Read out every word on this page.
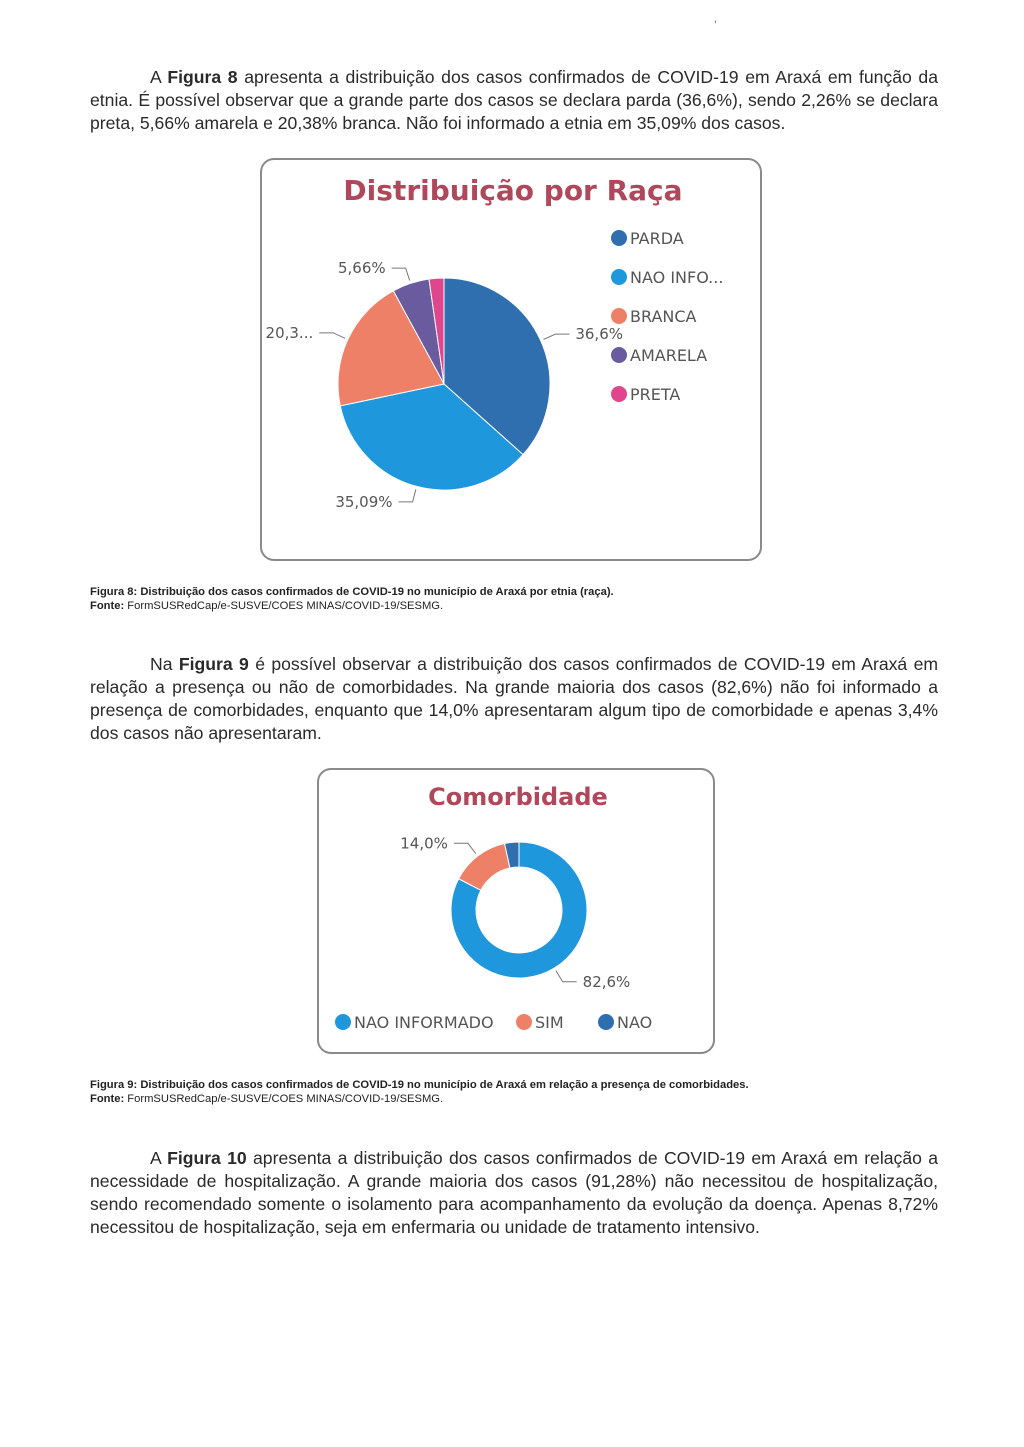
,

A Figura 8 apresenta a distribuição dos casos confirmados de COVID-19 em Araxá em função da etnia. É possível observar que a grande parte dos casos se declara parda (36,6%), sendo 2,26% se declara preta, 5,66% amarela e 20,38% branca. Não foi informado a etnia em 35,09% dos casos.

Distribuição por Raça
36,6%
35,09%
20,3...
5,66%
PARDA
NAO INFO...
BRANCA
AMARELA
PRETA

Figura 8: Distribuição dos casos confirmados de COVID-19 no município de Araxá por etnia (raça).
Fonte: FormSUSRedCap/e-SUSVE/COES MINAS/COVID-19/SESMG.

Na Figura 9 é possível observar a distribuição dos casos confirmados de COVID-19 em Araxá em relação a presença ou não de comorbidades. Na grande maioria dos casos (82,6%) não foi informado a presença de comorbidades, enquanto que 14,0% apresentaram algum tipo de comorbidade e apenas 3,4% dos casos não apresentaram.

Comorbidade
82,6%
14,0%
NAO INFORMADO	SIM	NAO

Figura 9: Distribuição dos casos confirmados de COVID-19 no município de Araxá em relação a presença de comorbidades.
Fonte: FormSUSRedCap/e-SUSVE/COES MINAS/COVID-19/SESMG.

A Figura 10 apresenta a distribuição dos casos confirmados de COVID-19 em Araxá em relação a necessidade de hospitalização. A grande maioria dos casos (91,28%) não necessitou de hospitalização, sendo recomendado somente o isolamento para acompanhamento da evolução da doença. Apenas 8,72% necessitou de hospitalização, seja em enfermaria ou unidade de tratamento intensivo.
